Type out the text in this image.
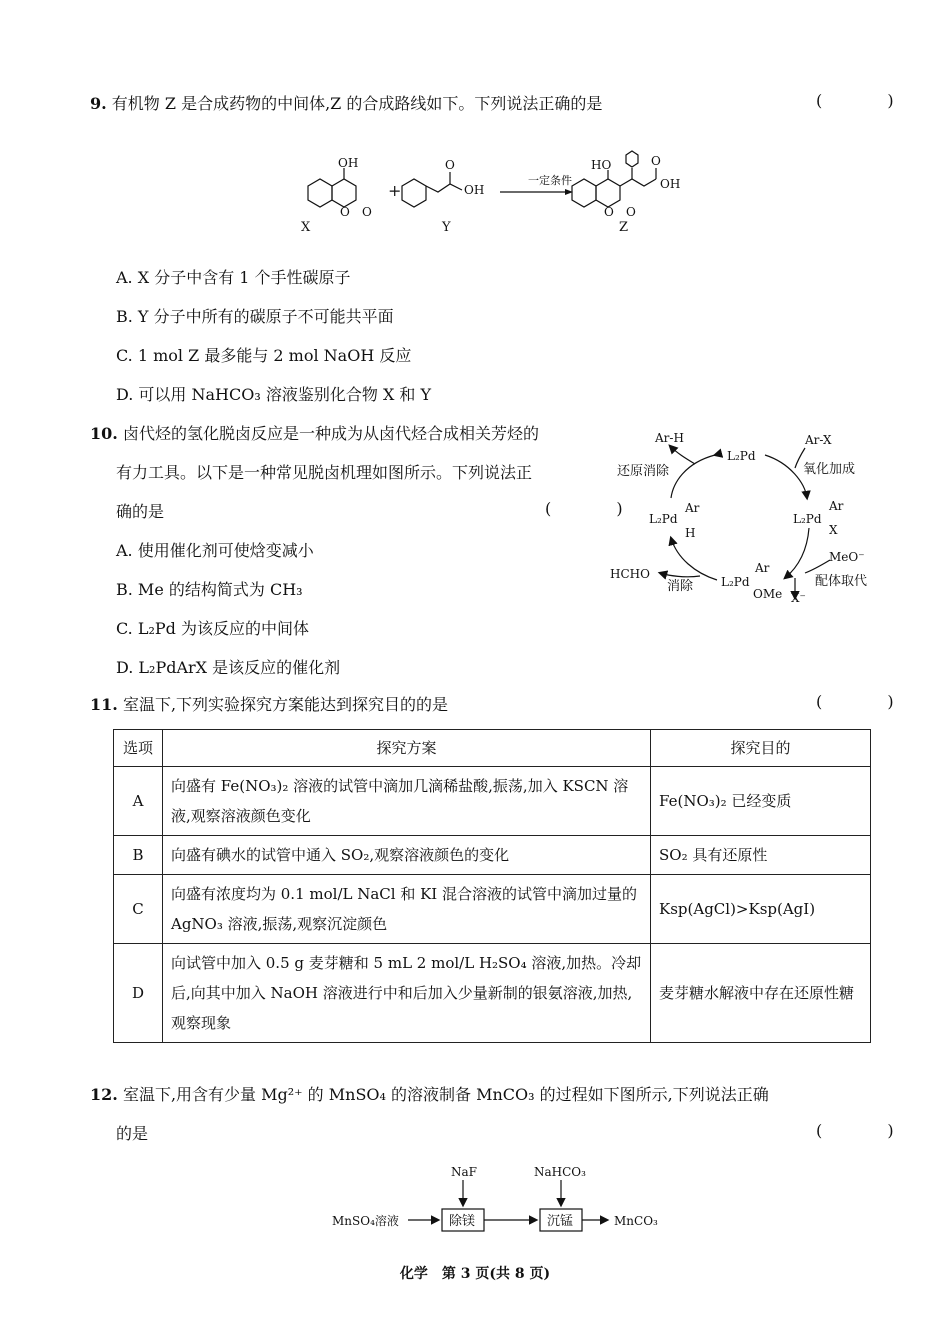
9. 有机物 Z 是合成药物的中间体,Z 的合成路线如下。下列说法正确的是	( )
OH
O O
X
+
O
OH
Y
一定条件
HO	O
OH
O O
Z
A. X 分子中含有 1 个手性碳原子
B. Y 分子中所有的碳原子不可能共平面
C. 1 mol Z 最多能与 2 mol NaOH 反应
D. 可以用 NaHCO₃ 溶液鉴别化合物 X 和 Y
10. 卤代烃的氢化脱卤反应是一种成为从卤代烃合成相关芳烃的
有力工具。以下是一种常见脱卤机理如图所示。下列说法正
确的是	( )
A. 使用催化剂可使焓变减小
B. Me 的结构简式为 CH₃
C. L₂Pd 为该反应的中间体
D. L₂PdArX 是该反应的催化剂
Ar-H
L₂Pd
Ar-X
还原消除	氧化加成
L₂Pd
Ar
H
L₂Pd
Ar
X
MeO⁻
配体取代
L₂Pd
Ar
OMe
HCHO
消除
X⁻
11. 室温下,下列实验探究方案能达到探究目的的是	( )
选项	探究方案	探究目的
A	向盛有 Fe(NO₃)₂ 溶液的试管中滴加几滴稀盐酸,振荡,加入 KSCN 溶液,观察溶液颜色变化	Fe(NO₃)₂ 已经变质
B	向盛有碘水的试管中通入 SO₂,观察溶液颜色的变化	SO₂ 具有还原性
C	向盛有浓度均为 0.1 mol/L NaCl 和 KI 混合溶液的试管中滴加过量的 AgNO₃ 溶液,振荡,观察沉淀颜色	Ksp(AgCl)>Ksp(AgI)
D	向试管中加入 0.5 g 麦芽糖和 5 mL 2 mol/L H₂SO₄ 溶液,加热。冷却后,向其中加入 NaOH 溶液进行中和后加入少量新制的银氨溶液,加热,观察现象	麦芽糖水解液中存在还原性糖
12. 室温下,用含有少量 Mg²⁺ 的 MnSO₄ 的溶液制备 MnCO₃ 的过程如下图所示,下列说法正确
的是	( )
MnSO₄溶液
NaF
除镁
NaHCO₃
沉锰	MnCO₃
化学　第 3 页(共 8 页)
